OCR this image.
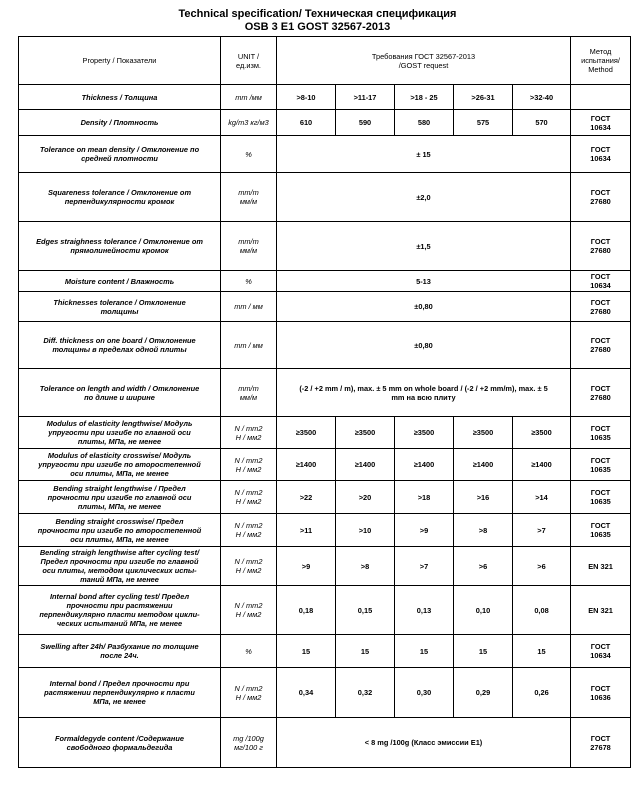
Technical specification/ Техническая спецификация
OSB 3 E1 GOST 32567-2013
Property / Показатели	UNIT /
ед.изм.	Требования ГОСТ 32567-2013
/GOST request					Метод
испытания/
Method
Thickness / Толщина	mm /мм	>8-10	>11-17	>18 - 25	>26-31	>32-40	
Density / Плотность	kg/m3 кг/м3	610	590	580	575	570	ГОСТ
10634
Tolerance on mean density / Отклонение по
средней плотности	%	± 15					ГОСТ
10634
Squareness tolerance / Отклонение от
перпендикулярности кромок	mm/m
мм/м	±2,0					ГОСТ
27680
Edges straighness tolerance / Отклонение от
прямолинейности кромок	mm/m
мм/м	±1,5					ГОСТ
27680
Moisture content / Влажность	%	5-13					ГОСТ
10634
Thicknesses tolerance / Отклонение
толщины	mm / мм	±0,80					ГОСТ
27680
Diff. thickness on one board / Отклонение
толщины в пределах одной плиты	mm / мм	±0,80					ГОСТ
27680
Tolerance on length and width / Отклонение
по длине и ширине	mm/m
мм/м	(-2 / +2 mm / m), max. ± 5 mm on whole board / (-2 / +2 mm/m), max. ± 5
mm на всю плиту					ГОСТ
27680
Modulus of elasticity lengthwise/ Модуль
упругости при изгибе по главной оси
плиты, МПа, не менее	N / mm2
Н / мм2	≥3500	≥3500	≥3500	≥3500	≥3500	ГОСТ
10635
Modulus of elasticity crosswise/ Модуль
упругости при изгибе по второстепенной
оси плиты, МПа, не менее	N / mm2
Н / мм2	≥1400	≥1400	≥1400	≥1400	≥1400	ГОСТ
10635
Bending straight lengthwise / Предел
прочности при изгибе по главной оси
плиты, МПа, не менее	N / mm2
Н / мм2	>22	>20	>18	>16	>14	ГОСТ
10635
Bending straight crosswise/ Предел
прочности при изгибе по второстепенной
оси плиты, МПа, не менее	N / mm2
Н / мм2	>11	>10	>9	>8	>7	ГОСТ
10635
Bending straigh lengthwise after cycling test/
Предел прочности при изгибе по главной
оси плиты, методом циклических испы-
таний МПа, не менее	N / mm2
Н / мм2	>9	>8	>7	>6	>6	EN 321
Internal bond after cycling test/ Предел
прочности при растяжении
перпендикулярно пласти методом цикли-
ческих испытаний МПа, не менее	N / mm2
Н / мм2	0,18	0,15	0,13	0,10	0,08	EN 321
Swelling after 24h/ Разбухание по толщине
после 24ч.	%	15	15	15	15	15	ГОСТ
10634
Internal bond / Предел прочности при
растяжении перпендикулярно к пласти
МПа, не менее	N / mm2
Н / мм2	0,34	0,32	0,30	0,29	0,26	ГОСТ
10636
Formaldegyde content /Содержание
свободного формальдегида	mg /100g
мг/100 г	< 8 mg /100g (Класс эмиссии Е1)					ГОСТ
27678
